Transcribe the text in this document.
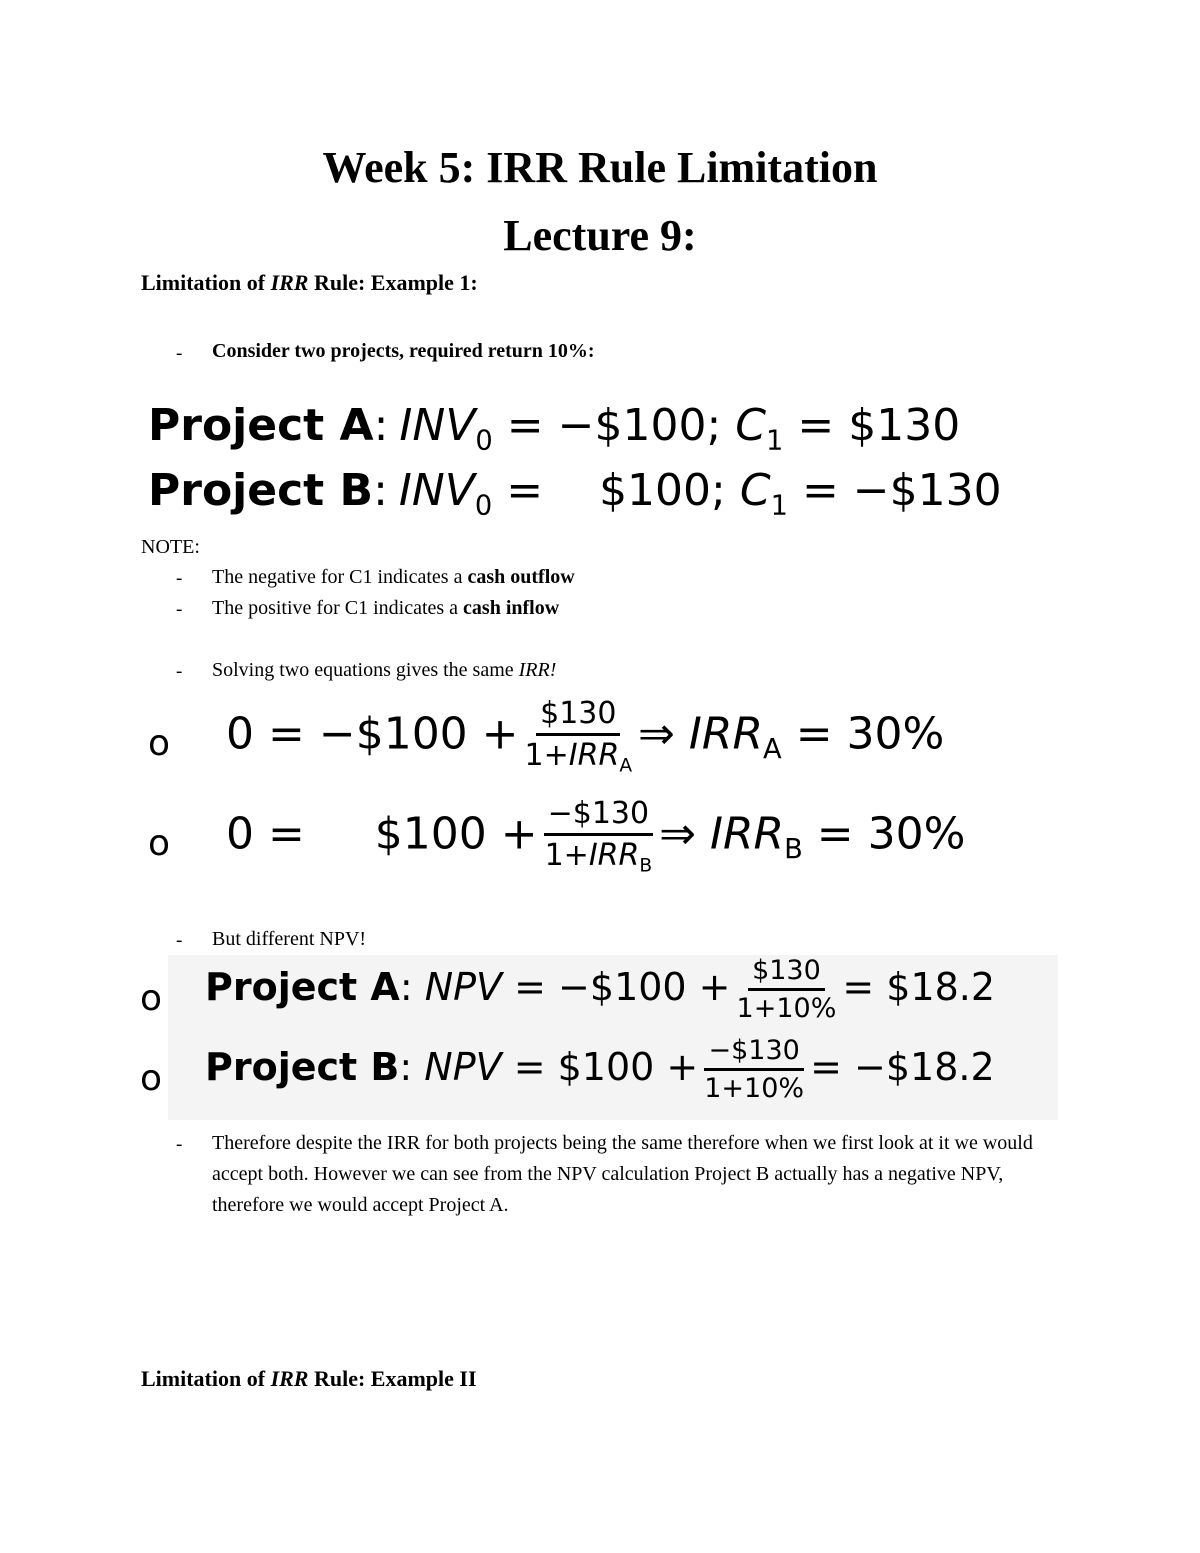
Week 5: IRR Rule Limitation
Lecture 9:
Limitation of IRR Rule: Example 1:
- Consider two projects, required return 10%:
Project A: $INV_0$ = −$100; $C_1$ = $130
Project B: $INV_0$ =    $100; $C_1$ = −$130
NOTE:
- The negative for C1 indicates a cash outflow
- The positive for C1 indicates a cash inflow
- Solving two equations gives the same IRR!
o 0 = −$100 + $\frac{\$130}{1+IRR_A}$ ⇒ $IRR_A = 30\%$
o 0 =     $100 + $\frac{-\$130}{1+IRR_B}$ ⇒ $IRR_B = 30\%$
- But different NPV!
o Project A: NPV = −$100 + $\frac{\$130}{1+10\%}$ = $18.2
o Project B: NPV = $100 + $\frac{-\$130}{1+10\%}$ = −$18.2
- Therefore despite the IRR for both projects being the same therefore when we first look at it we would accept both. However we can see from the NPV calculation Project B actually has a negative NPV, therefore we would accept Project A.
Limitation of IRR Rule: Example II
